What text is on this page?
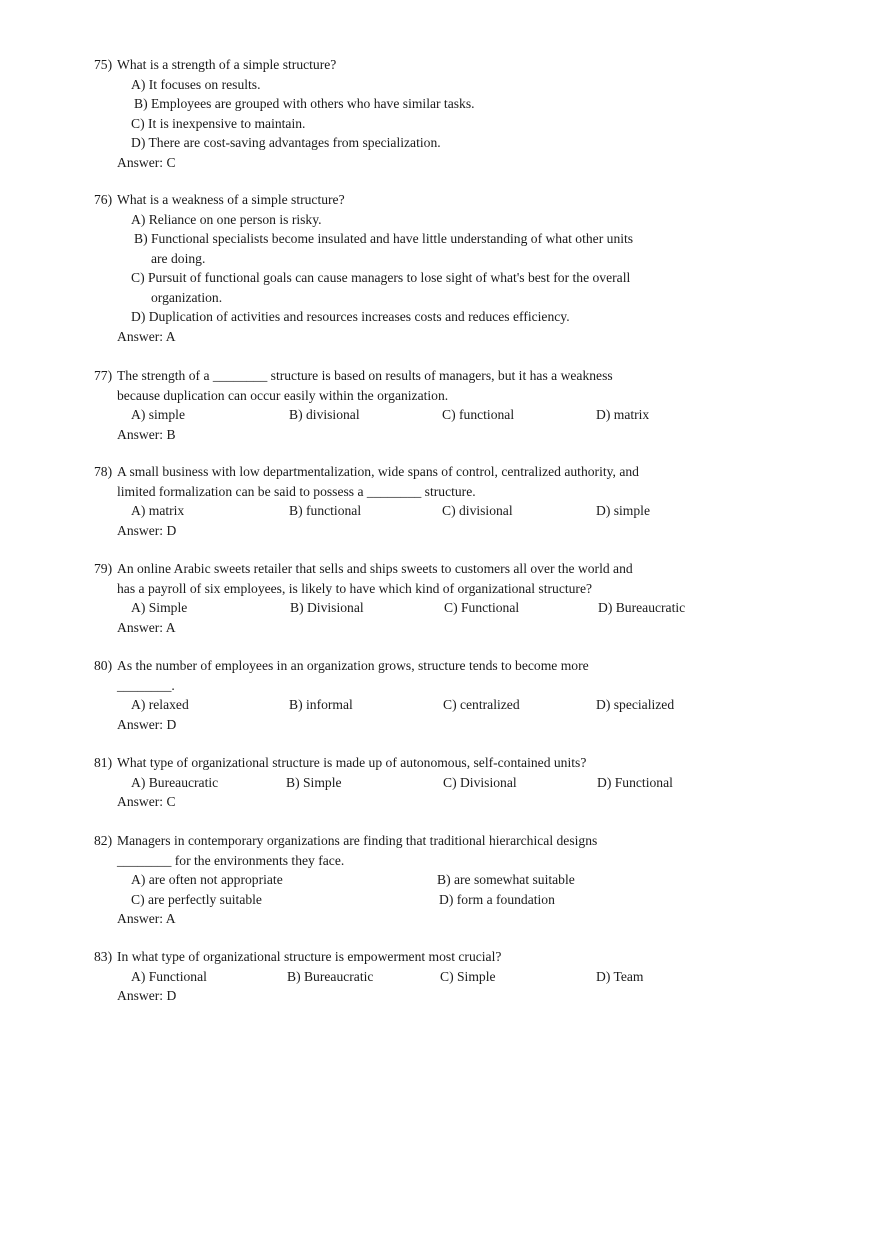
75) What is a strength of a simple structure?

A) It focuses on results.

B) Employees are grouped with others who have similar tasks.

C) It is inexpensive to maintain.

D) There are cost-saving advantages from specialization.

Answer: C

76) What is a weakness of a simple structure?

A) Reliance on one person is risky.

B) Functional specialists become insulated and have little understanding of what other units

are doing.

C) Pursuit of functional goals can cause managers to lose sight of what's best for the overall

organization.

D) Duplication of activities and resources increases costs and reduces efficiency.

Answer: A

77) The strength of a ________ structure is based on results of managers, but it has a weakness

because duplication can occur easily within the organization.

A) simple	B) divisional	C) functional	D) matrix

Answer: B

78) A small business with low departmentalization, wide spans of control, centralized authority, and

limited formalization can be said to possess a ________ structure.

A) matrix	B) functional	C) divisional	D) simple

Answer: D

79) An online Arabic sweets retailer that sells and ships sweets to customers all over the world and

has a payroll of six employees, is likely to have which kind of organizational structure?

A) Simple	B) Divisional	C) Functional	D) Bureaucratic

Answer: A

80) As the number of employees in an organization grows, structure tends to become more

________.

A) relaxed	B) informal	C) centralized	D) specialized

Answer: D

81) What type of organizational structure is made up of autonomous, self-contained units?

A) Bureaucratic	B) Simple	C) Divisional	D) Functional

Answer: C

82) Managers in contemporary organizations are finding that traditional hierarchical designs

________ for the environments they face.

A) are often not appropriate	B) are somewhat suitable
C) are perfectly suitable	D) form a foundation

Answer: A

83) In what type of organizational structure is empowerment most crucial?

A) Functional	B) Bureaucratic	C) Simple	D) Team

Answer: D
